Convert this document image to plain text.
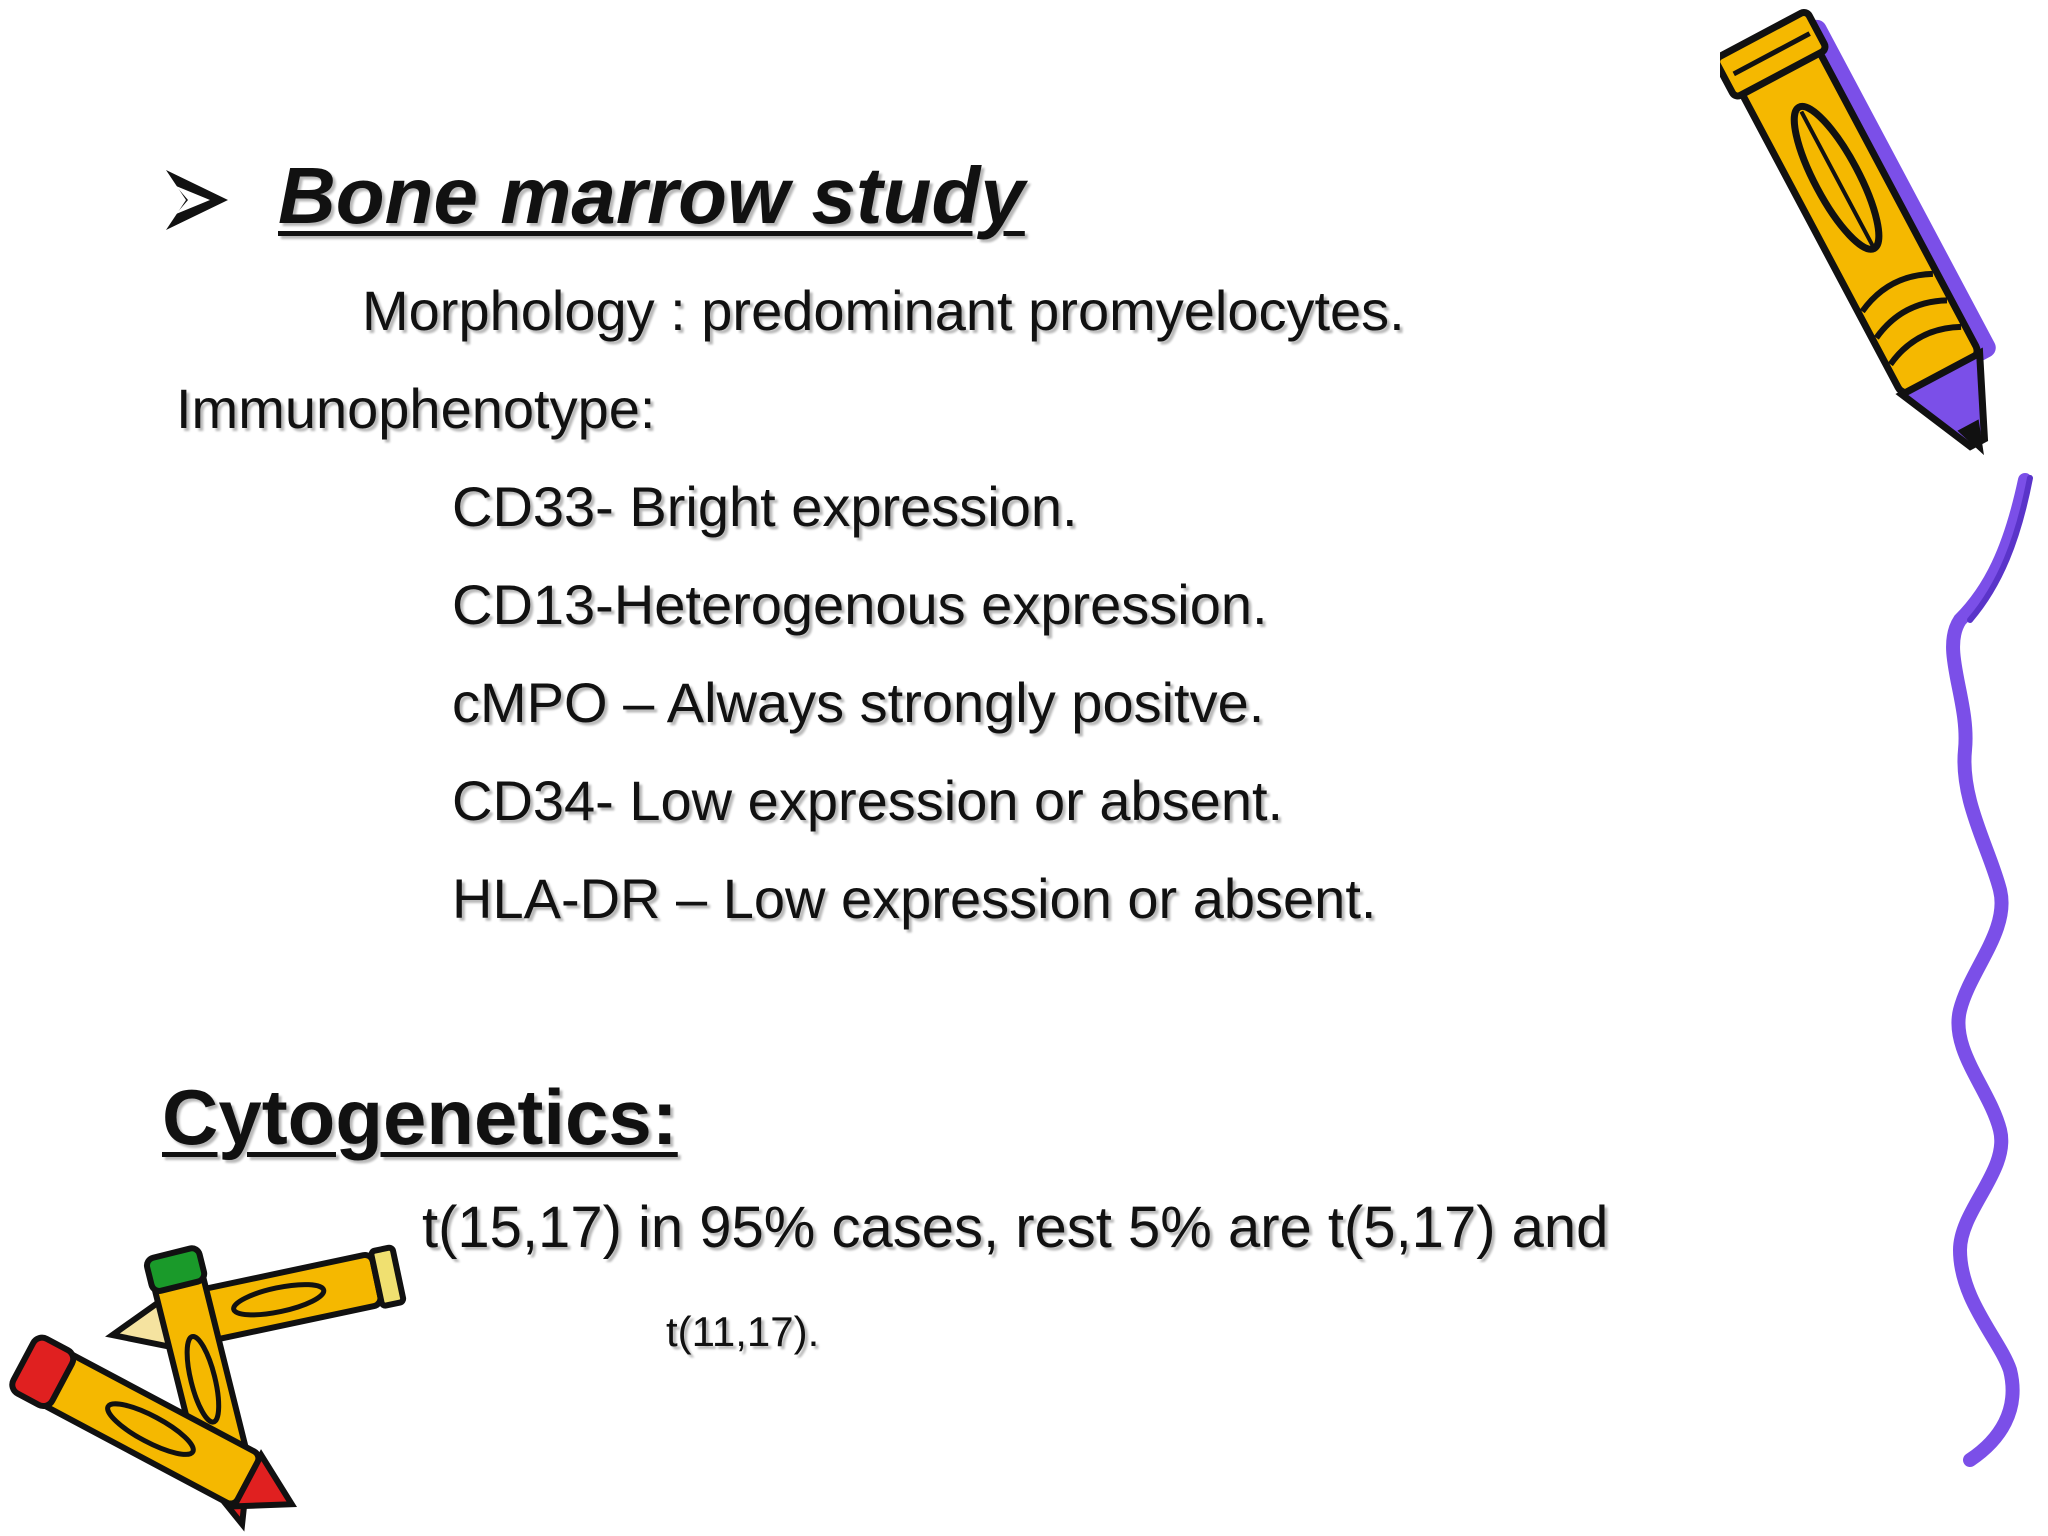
Bone marrow study
Morphology : predominant promyelocytes.
Immunophenotype:
CD33- Bright expression.
CD13-Heterogenous expression.
cMPO – Always strongly positve.
CD34- Low expression or absent.
HLA-DR – Low expression or absent.
Cytogenetics:
t(15,17) in 95% cases, rest 5% are t(5,17) and
t(11,17).
